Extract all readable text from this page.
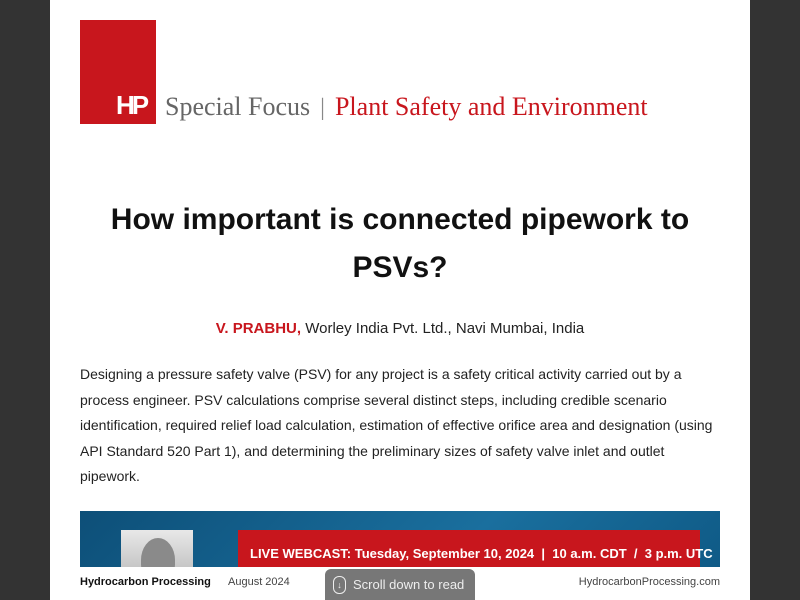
HP Special Focus | Plant Safety and Environment
How important is connected pipework to PSVs?
V. PRABHU, Worley India Pvt. Ltd., Navi Mumbai, India

Designing a pressure safety valve (PSV) for any project is a safety critical activity carried out by a process engineer. PSV calculations comprise several distinct steps, including credible scenario identification, required relief load calculation, estimation of effective orifice area and designation (using API Standard 520 Part 1), and determining the preliminary sizes of safety valve inlet and outlet pipework.

LIVE WEBCAST: Tuesday, September 10, 2024  |  10 a.m. CDT  /  3 p.m. UTC
Hydrocarbon Processing August 2024	HydrocarbonProcessing.com
↓ Scroll down to read
